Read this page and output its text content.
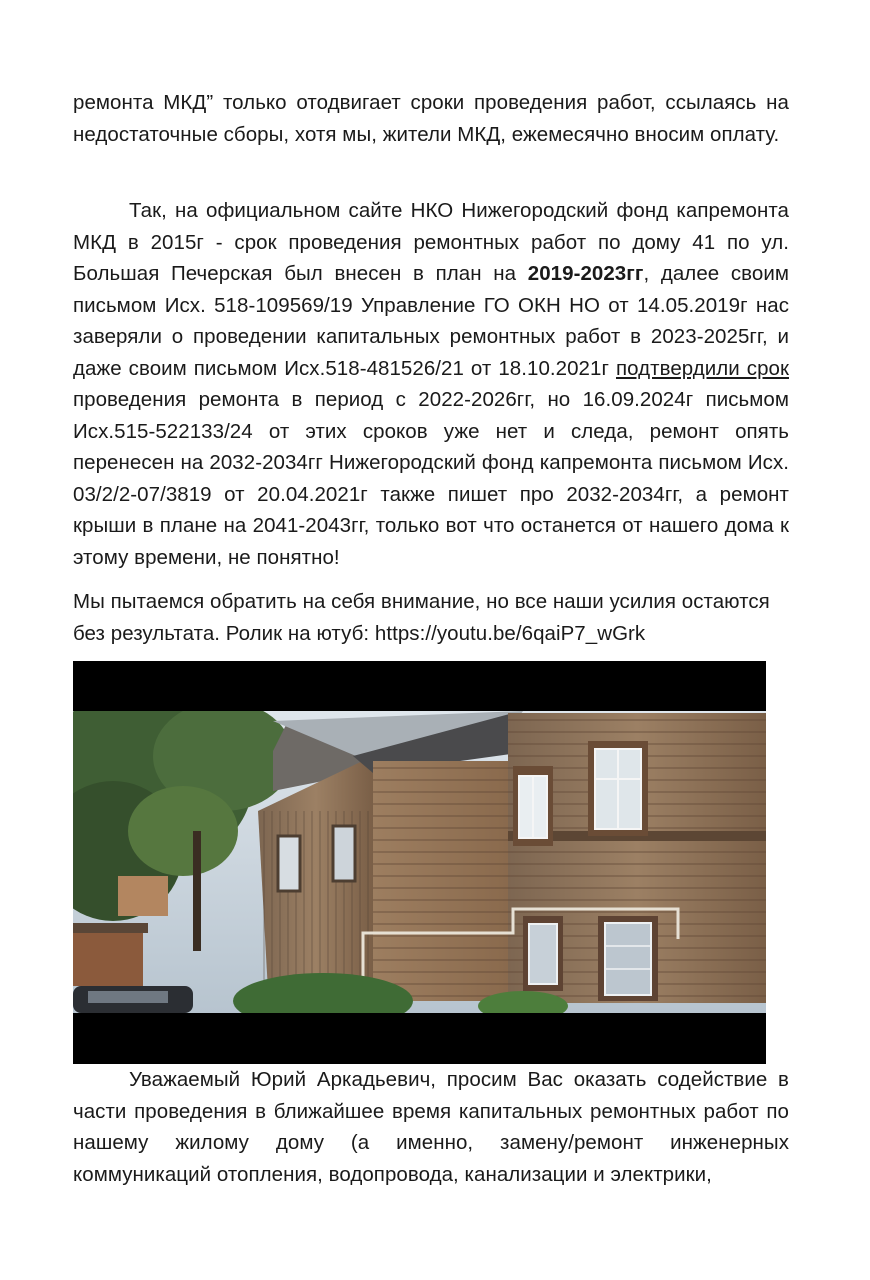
ремонта МКД” только отодвигает сроки проведения работ, ссылаясь на недостаточные сборы, хотя мы, жители МКД, ежемесячно вносим оплату.
Так, на официальном сайте НКО Нижегородский фонд капремонта МКД в 2015г - срок проведения ремонтных работ по дому 41 по ул. Большая Печерская был внесен в план на 2019-2023гг, далее своим письмом Исх. 518-109569/19 Управление ГО ОКН НО от 14.05.2019г нас заверяли о проведении капитальных ремонтных работ в 2023-2025гг, и даже своим письмом Исх.518-481526/21 от 18.10.2021г подтвердили срок проведения ремонта в период с 2022-2026гг, но 16.09.2024г письмом Исх.515-522133/24 от этих сроков уже нет и следа, ремонт опять перенесен на 2032-2034гг Нижегородский фонд капремонта письмом Исх. 03/2/2-07/3819 от 20.04.2021г также пишет про 2032-2034гг, а ремонт крыши в плане на 2041-2043гг, только вот что останется от нашего дома к этому времени, не понятно!
Мы пытаемся обратить на себя внимание, но все наши усилия остаются без результата. Ролик на ютуб: https://youtu.be/6qaiP7_wGrk
Уважаемый Юрий Аркадьевич, просим Вас оказать содействие в части проведения в ближайшее время капитальных ремонтных работ по нашему жилому дому (а именно, замену/ремонт инженерных коммуникаций отопления, водопровода, канализации и электрики,
